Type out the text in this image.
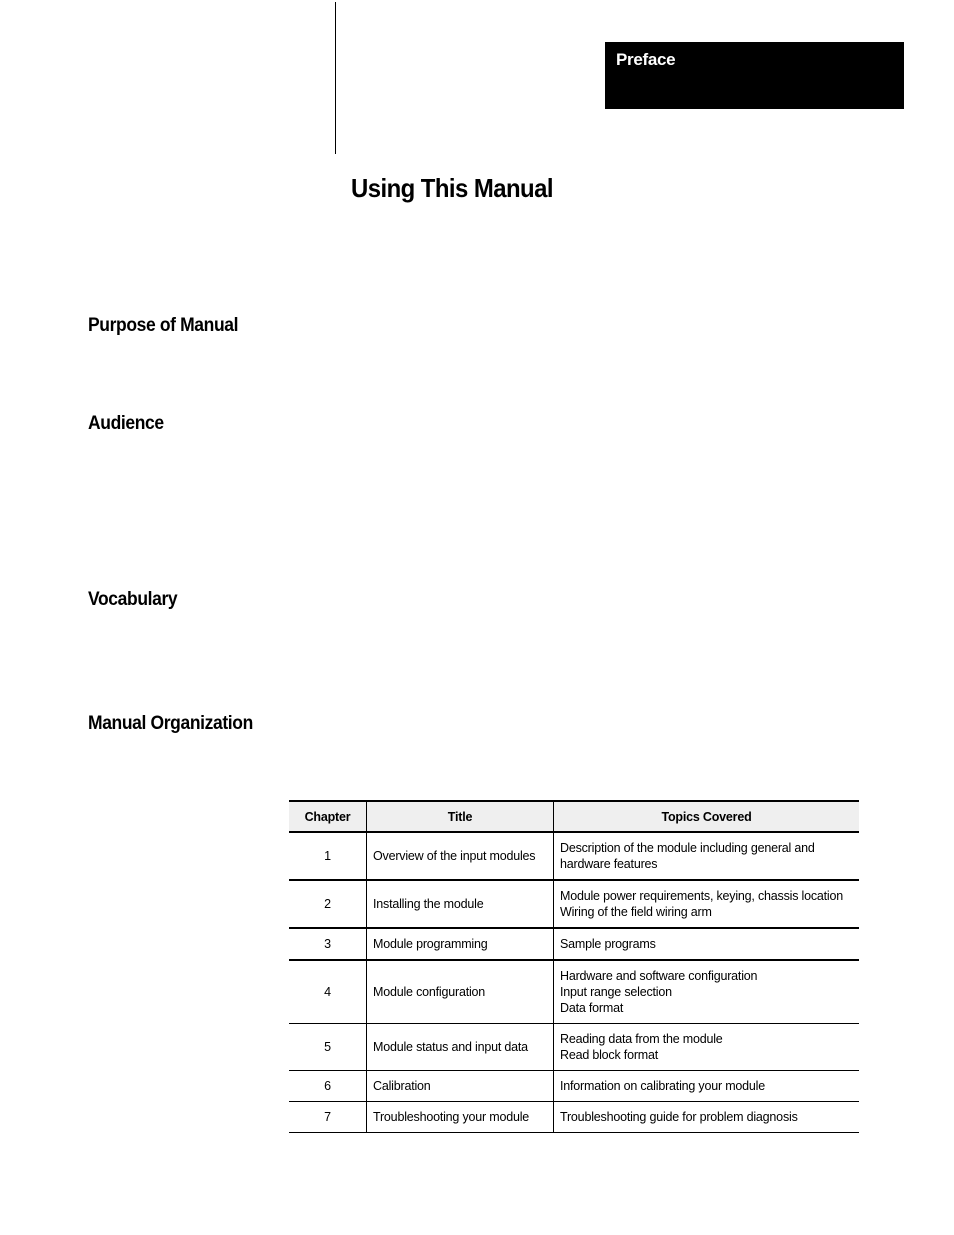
Preface
Using This Manual
Purpose of Manual
Audience
Vocabulary
Manual Organization
Chapter	Title	Topics Covered
1	Overview of the input modules	Description of the module including general and hardware features

2	Installing the module	Module power requirements, keying, chassis location
Wiring of the field wiring arm

3	Module programming	Sample programs

4	Module configuration	Hardware and software configuration
Input range selection
Data format

5	Module status and input data	Reading data from the module
Read block format

6	Calibration	Information on calibrating your module

7	Troubleshooting your module	Troubleshooting guide for problem diagnosis
